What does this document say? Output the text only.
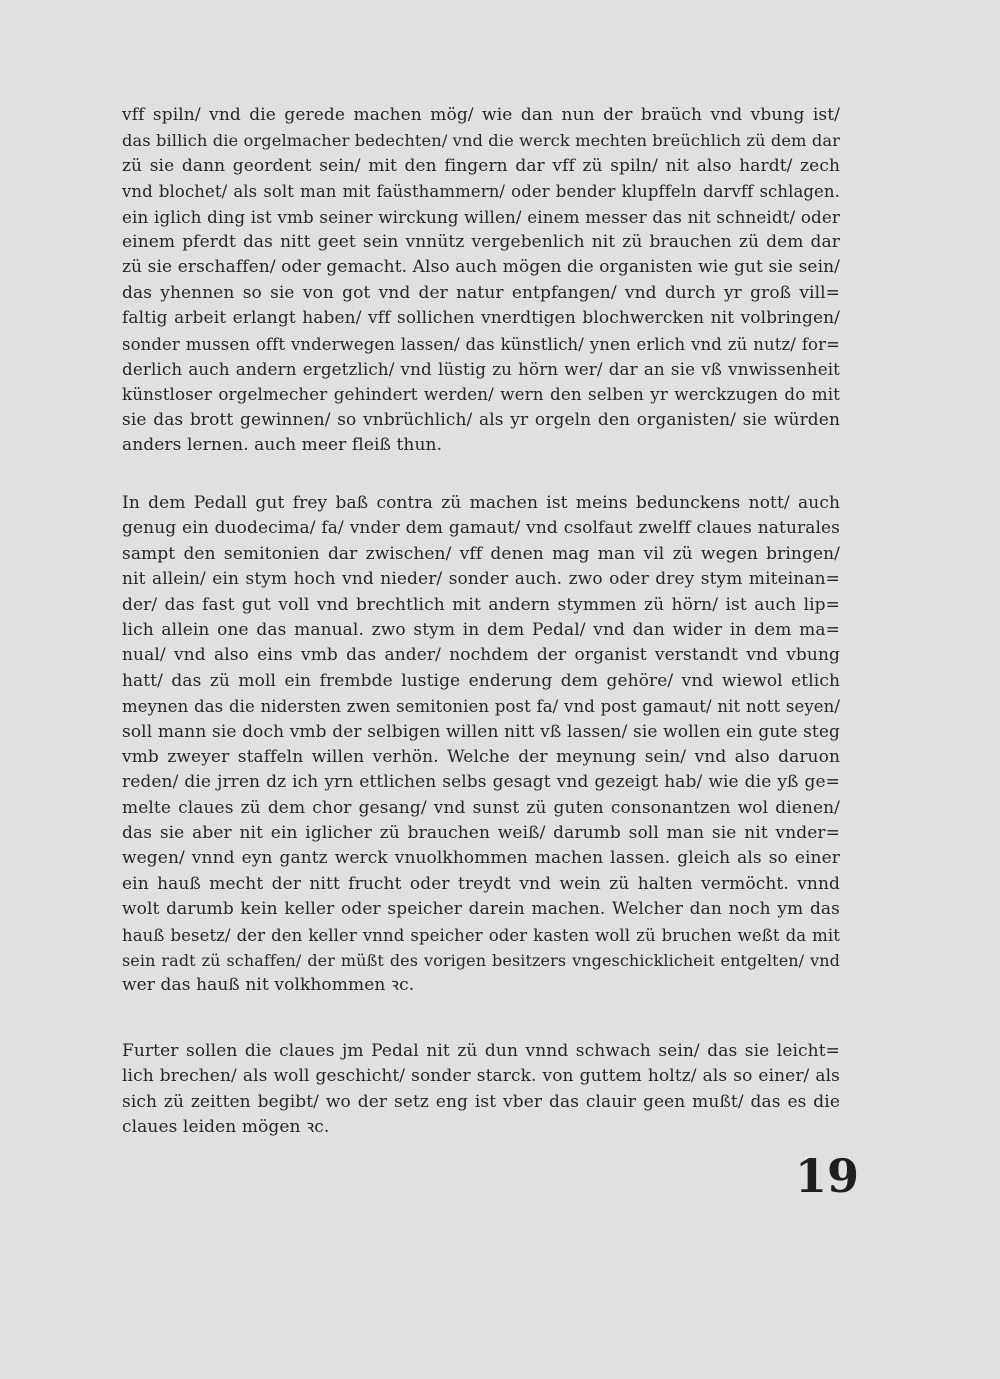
vff spiln/ vnd die gerede machen mög/ wie dan nun der braüch vnd vbung ist/
das billich die orgelmacher bedechten/ vnd die werck mechten breüchlich zü dem dar
zü sie dann geordent sein/ mit den fingern dar vff zü spiln/ nit also hardt/ zech
vnd blochet/ als solt man mit faüsthammern/ oder bender klupffeln darvff schlagen.
ein iglich ding ist vmb seiner wirckung willen/ einem messer das nit schneidt/ oder
einem pferdt das nitt geet sein vnnütz vergebenlich nit zü brauchen zü dem dar
zü sie erschaffen/ oder gemacht. Also auch mögen die organisten wie gut sie sein/
das yhennen so sie von got vnd der natur entpfangen/ vnd durch yr groß vill=
faltig arbeit erlangt haben/ vff sollichen vnerdtigen blochwercken nit volbringen/
sonder mussen offt vnderwegen lassen/ das künstlich/ ynen erlich vnd zü nutz/ for=
derlich auch andern ergetzlich/ vnd lüstig zu hörn wer/ dar an sie vß vnwissenheit
künstloser orgelmecher gehindert werden/ wern den selben yr werckzugen do mit
sie das brott gewinnen/ so vnbrüchlich/ als yr orgeln den organisten/ sie würden
anders lernen. auch meer fleiß thun.
In dem Pedall gut frey baß contra zü machen ist meins bedunckens nott/ auch
genug ein duodecima/ fa/ vnder dem gamaut/ vnd csolfaut zwelff claues naturales
sampt den semitonien dar zwischen/ vff denen mag man vil zü wegen bringen/
nit allein/ ein stym hoch vnd nieder/ sonder auch. zwo oder drey stym miteinan=
der/ das fast gut voll vnd brechtlich mit andern stymmen zü hörn/ ist auch lip=
lich allein one das manual. zwo stym in dem Pedal/ vnd dan wider in dem ma=
nual/ vnd also eins vmb das ander/ nochdem der organist verstandt vnd vbung
hatt/ das zü moll ein frembde lustige enderung dem gehöre/ vnd wiewol etlich
meynen das die nidersten zwen semitonien post fa/ vnd post gamaut/ nit nott seyen/
soll mann sie doch vmb der selbigen willen nitt vß lassen/ sie wollen ein gute steg
vmb zweyer staffeln willen verhön. Welche der meynung sein/ vnd also daruon
reden/ die jrren dz ich yrn ettlichen selbs gesagt vnd gezeigt hab/ wie die yß ge=
melte claues zü dem chor gesang/ vnd sunst zü guten consonantzen wol dienen/
das sie aber nit ein iglicher zü brauchen weiß/ darumb soll man sie nit vnder=
wegen/ vnnd eyn gantz werck vnuolkhommen machen lassen. gleich als so einer
ein hauß mecht der nitt frucht oder treydt vnd wein zü halten vermöcht. vnnd
wolt darumb kein keller oder speicher darein machen. Welcher dan noch ym das
hauß besetz/ der den keller vnnd speicher oder kasten woll zü bruchen weßt da mit
sein radt zü schaffen/ der müßt des vorigen besitzers vngeschicklicheit entgelten/ vnd
wer das hauß nit volkhommen ꝛc.
Furter sollen die claues jm Pedal nit zü dun vnnd schwach sein/ das sie leicht=
lich brechen/ als woll geschicht/ sonder starck. von guttem holtz/ als so einer/ als
sich zü zeitten begibt/ wo der setz eng ist vber das clauir geen mußt/ das es die
claues leiden mögen ꝛc.
19
